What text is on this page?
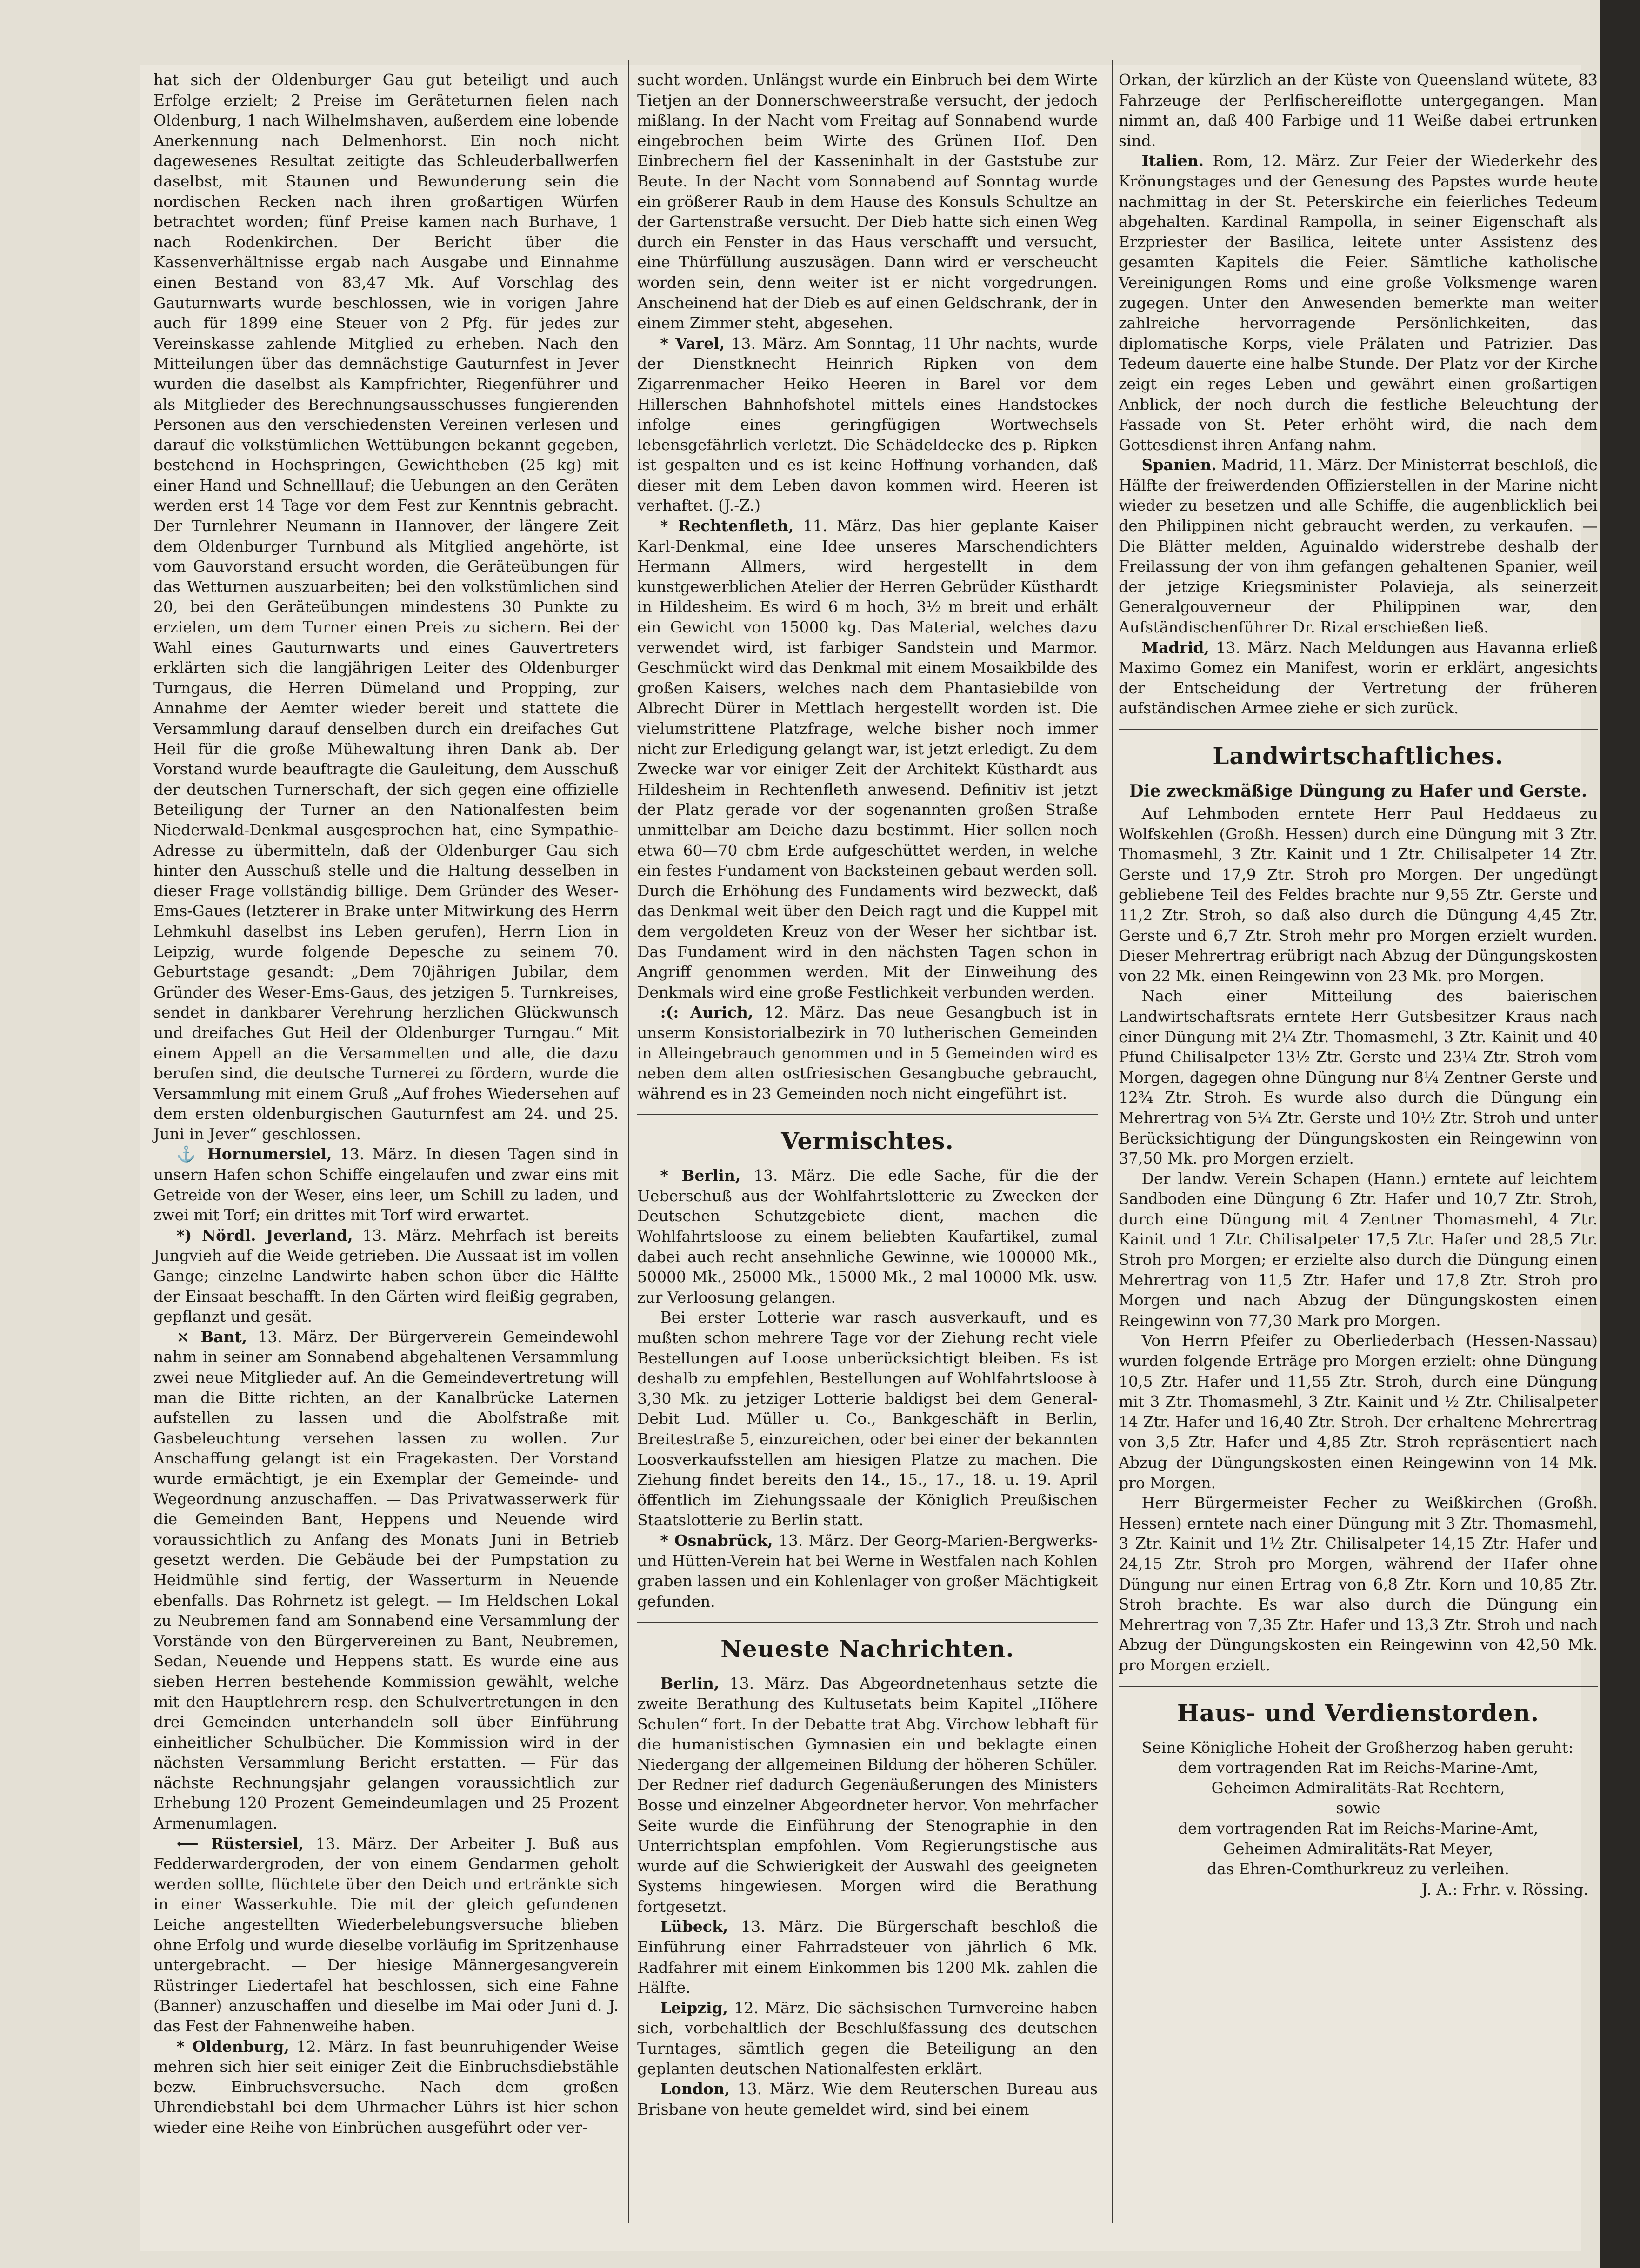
hat sich der Oldenburger Gau gut beteiligt und auch Erfolge erzielt; 2 Preise im Geräteturnen fielen nach Oldenburg, 1 nach Wilhelmshaven, außerdem eine lobende Anerkennung nach Delmenhorst. Ein noch nicht dagewesenes Resultat zeitigte das Schleuderballwerfen daselbst, mit Staunen und Bewunderung sein die nordischen Recken nach ihren großartigen Würfen betrachtet worden; fünf Preise kamen nach Burhave, 1 nach Rodenkirchen. Der Bericht über die Kassenverhältnisse ergab nach Ausgabe und Einnahme einen Bestand von 83,47 Mk. Auf Vorschlag des Gauturnwarts wurde beschlossen, wie in vorigen Jahre auch für 1899 eine Steuer von 2 Pfg. für jedes zur Vereinskasse zahlende Mitglied zu erheben. Nach den Mitteilungen über das demnächstige Gauturnfest in Jever wurden die daselbst als Kampfrichter, Riegenführer und als Mitglieder des Berechnungsausschusses fungierenden Personen aus den verschiedensten Vereinen verlesen und darauf die volkstümlichen Wettübungen bekannt gegeben, bestehend in Hochspringen, Gewichtheben (25 kg) mit einer Hand und Schnelllauf; die Uebungen an den Geräten werden erst 14 Tage vor dem Fest zur Kenntnis gebracht. Der Turnlehrer Neumann in Hannover, der längere Zeit dem Oldenburger Turnbund als Mitglied angehörte, ist vom Gauvorstand ersucht worden, die Geräteübungen für das Wetturnen auszuarbeiten; bei den volkstümlichen sind 20, bei den Geräteübungen mindestens 30 Punkte zu erzielen, um dem Turner einen Preis zu sichern. Bei der Wahl eines Gauturnwarts und eines Gauvertreters erklärten sich die langjährigen Leiter des Oldenburger Turngaus, die Herren Dümeland und Propping, zur Annahme der Aemter wieder bereit und stattete die Versammlung darauf denselben durch ein dreifaches Gut Heil für die große Mühewaltung ihren Dank ab. Der Vorstand wurde beauftragte die Gauleitung, dem Ausschuß der deutschen Turnerschaft, der sich gegen eine offizielle Beteiligung der Turner an den Nationalfesten beim Niederwald-Denkmal ausgesprochen hat, eine Sympathie-Adresse zu übermitteln, daß der Oldenburger Gau sich hinter den Ausschuß stelle und die Haltung desselben in dieser Frage vollständig billige. Dem Gründer des Weser-Ems-Gaues (letzterer in Brake unter Mitwirkung des Herrn Lehmkuhl daselbst ins Leben gerufen), Herrn Lion in Leipzig, wurde folgende Depesche zu seinem 70. Geburtstage gesandt: „Dem 70jährigen Jubilar, dem Gründer des Weser-Ems-Gaus, des jetzigen 5. Turnkreises, sendet in dankbarer Verehrung herzlichen Glückwunsch und dreifaches Gut Heil der Oldenburger Turngau.“ Mit einem Appell an die Versammelten und alle, die dazu berufen sind, die deutsche Turnerei zu fördern, wurde die Versammlung mit einem Gruß „Auf frohes Wiedersehen auf dem ersten oldenburgischen Gauturnfest am 24. und 25. Juni in Jever“ geschlossen.

⚓ Hornumersiel, 13. März. In diesen Tagen sind in unsern Hafen schon Schiffe eingelaufen und zwar eins mit Getreide von der Weser, eins leer, um Schill zu laden, und zwei mit Torf; ein drittes mit Torf wird erwartet.

*) Nördl. Jeverland, 13. März. Mehrfach ist bereits Jungvieh auf die Weide getrieben. Die Aussaat ist im vollen Gange; einzelne Landwirte haben schon über die Hälfte der Einsaat beschafft. In den Gärten wird fleißig gegraben, gepflanzt und gesät.

⤬ Bant, 13. März. Der Bürgerverein Gemeindewohl nahm in seiner am Sonnabend abgehaltenen Versammlung zwei neue Mitglieder auf. An die Gemeindevertretung will man die Bitte richten, an der Kanalbrücke Laternen aufstellen zu lassen und die Abolfstraße mit Gasbeleuchtung versehen lassen zu wollen. Zur Anschaffung gelangt ist ein Fragekasten. Der Vorstand wurde ermächtigt, je ein Exemplar der Gemeinde- und Wegeordnung anzuschaffen. — Das Privatwasserwerk für die Gemeinden Bant, Heppens und Neuende wird voraussichtlich zu Anfang des Monats Juni in Betrieb gesetzt werden. Die Gebäude bei der Pumpstation zu Heidmühle sind fertig, der Wasserturm in Neuende ebenfalls. Das Rohrnetz ist gelegt. — Im Heldschen Lokal zu Neubremen fand am Sonnabend eine Versammlung der Vorstände von den Bürgervereinen zu Bant, Neubremen, Sedan, Neuende und Heppens statt. Es wurde eine aus sieben Herren bestehende Kommission gewählt, welche mit den Hauptlehrern resp. den Schulvertretungen in den drei Gemeinden unterhandeln soll über Einführung einheitlicher Schulbücher. Die Kommission wird in der nächsten Versammlung Bericht erstatten. — Für das nächste Rechnungsjahr gelangen voraussichtlich zur Erhebung 120 Prozent Gemeindeumlagen und 25 Prozent Armenumlagen.

⟵ Rüstersiel, 13. März. Der Arbeiter J. Buß aus Fedderwardergroden, der von einem Gendarmen geholt werden sollte, flüchtete über den Deich und ertränkte sich in einer Wasserkuhle. Die mit der gleich gefundenen Leiche angestellten Wiederbelebungsversuche blieben ohne Erfolg und wurde dieselbe vorläufig im Spritzenhause untergebracht. — Der hiesige Männergesangverein Rüstringer Liedertafel hat beschlossen, sich eine Fahne (Banner) anzuschaffen und dieselbe im Mai oder Juni d. J. das Fest der Fahnenweihe haben.

* Oldenburg, 12. März. In fast beunruhigender Weise mehren sich hier seit einiger Zeit die Einbruchsdiebstähle bezw. Einbruchsversuche. Nach dem großen Uhrendiebstahl bei dem Uhrmacher Lührs ist hier schon wieder eine Reihe von Einbrüchen ausgeführt oder ver-

sucht worden. Unlängst wurde ein Einbruch bei dem Wirte Tietjen an der Donnerschweerstraße versucht, der jedoch mißlang. In der Nacht vom Freitag auf Sonnabend wurde eingebrochen beim Wirte des Grünen Hof. Den Einbrechern fiel der Kasseninhalt in der Gaststube zur Beute. In der Nacht vom Sonnabend auf Sonntag wurde ein größerer Raub in dem Hause des Konsuls Schultze an der Gartenstraße versucht. Der Dieb hatte sich einen Weg durch ein Fenster in das Haus verschafft und versucht, eine Thürfüllung auszusägen. Dann wird er verscheucht worden sein, denn weiter ist er nicht vorgedrungen. Anscheinend hat der Dieb es auf einen Geldschrank, der in einem Zimmer steht, abgesehen.

* Varel, 13. März. Am Sonntag, 11 Uhr nachts, wurde der Dienstknecht Heinrich Ripken von dem Zigarrenmacher Heiko Heeren in Barel vor dem Hillerschen Bahnhofshotel mittels eines Handstockes infolge eines geringfügigen Wortwechsels lebensgefährlich verletzt. Die Schädeldecke des p. Ripken ist gespalten und es ist keine Hoffnung vorhanden, daß dieser mit dem Leben davon kommen wird. Heeren ist verhaftet. (J.-Z.)

* Rechtenfleth, 11. März. Das hier geplante Kaiser Karl-Denkmal, eine Idee unseres Marschendichters Hermann Allmers, wird hergestellt in dem kunstgewerblichen Atelier der Herren Gebrüder Küsthardt in Hildesheim. Es wird 6 m hoch, 3½ m breit und erhält ein Gewicht von 15000 kg. Das Material, welches dazu verwendet wird, ist farbiger Sandstein und Marmor. Geschmückt wird das Denkmal mit einem Mosaikbilde des großen Kaisers, welches nach dem Phantasiebilde von Albrecht Dürer in Mettlach hergestellt worden ist. Die vielumstrittene Platzfrage, welche bisher noch immer nicht zur Erledigung gelangt war, ist jetzt erledigt. Zu dem Zwecke war vor einiger Zeit der Architekt Küsthardt aus Hildesheim in Rechtenfleth anwesend. Definitiv ist jetzt der Platz gerade vor der sogenannten großen Straße unmittelbar am Deiche dazu bestimmt. Hier sollen noch etwa 60—70 cbm Erde aufgeschüttet werden, in welche ein festes Fundament von Backsteinen gebaut werden soll. Durch die Erhöhung des Fundaments wird bezweckt, daß das Denkmal weit über den Deich ragt und die Kuppel mit dem vergoldeten Kreuz von der Weser her sichtbar ist. Das Fundament wird in den nächsten Tagen schon in Angriff genommen werden. Mit der Einweihung des Denkmals wird eine große Festlichkeit verbunden werden.

:(: Aurich, 12. März. Das neue Gesangbuch ist in unserm Konsistorialbezirk in 70 lutherischen Gemeinden in Alleingebrauch genommen und in 5 Gemeinden wird es neben dem alten ostfriesischen Gesangbuche gebraucht, während es in 23 Gemeinden noch nicht eingeführt ist.

Vermischtes.

* Berlin, 13. März. Die edle Sache, für die der Ueberschuß aus der Wohlfahrtslotterie zu Zwecken der Deutschen Schutzgebiete dient, machen die Wohlfahrtsloose zu einem beliebten Kaufartikel, zumal dabei auch recht ansehnliche Gewinne, wie 100000 Mk., 50000 Mk., 25000 Mk., 15000 Mk., 2 mal 10000 Mk. usw. zur Verloosung gelangen.

Bei erster Lotterie war rasch ausverkauft, und es mußten schon mehrere Tage vor der Ziehung recht viele Bestellungen auf Loose unberücksichtigt bleiben. Es ist deshalb zu empfehlen, Bestellungen auf Wohlfahrtsloose à 3,30 Mk. zu jetziger Lotterie baldigst bei dem General-Debit Lud. Müller u. Co., Bankgeschäft in Berlin, Breitestraße 5, einzureichen, oder bei einer der bekannten Loosverkaufsstellen am hiesigen Platze zu machen. Die Ziehung findet bereits den 14., 15., 17., 18. u. 19. April öffentlich im Ziehungssaale der Königlich Preußischen Staatslotterie zu Berlin statt.

* Osnabrück, 13. März. Der Georg-Marien-Bergwerks- und Hütten-Verein hat bei Werne in Westfalen nach Kohlen graben lassen und ein Kohlenlager von großer Mächtigkeit gefunden.

Neueste Nachrichten.

Berlin, 13. März. Das Abgeordnetenhaus setzte die zweite Berathung des Kultusetats beim Kapitel „Höhere Schulen“ fort. In der Debatte trat Abg. Virchow lebhaft für die humanistischen Gymnasien ein und beklagte einen Niedergang der allgemeinen Bildung der höheren Schüler. Der Redner rief dadurch Gegenäußerungen des Ministers Bosse und einzelner Abgeordneter hervor. Von mehrfacher Seite wurde die Einführung der Stenographie in den Unterrichtsplan empfohlen. Vom Regierungstische aus wurde auf die Schwierigkeit der Auswahl des geeigneten Systems hingewiesen. Morgen wird die Berathung fortgesetzt.

Lübeck, 13. März. Die Bürgerschaft beschloß die Einführung einer Fahrradsteuer von jährlich 6 Mk. Radfahrer mit einem Einkommen bis 1200 Mk. zahlen die Hälfte.

Leipzig, 12. März. Die sächsischen Turnvereine haben sich, vorbehaltlich der Beschlußfassung des deutschen Turntages, sämtlich gegen die Beteiligung an den geplanten deutschen Nationalfesten erklärt.

London, 13. März. Wie dem Reuterschen Bureau aus Brisbane von heute gemeldet wird, sind bei einem

Orkan, der kürzlich an der Küste von Queensland wütete, 83 Fahrzeuge der Perlfischereiflotte untergegangen. Man nimmt an, daß 400 Farbige und 11 Weiße dabei ertrunken sind.

Italien. Rom, 12. März. Zur Feier der Wiederkehr des Krönungstages und der Genesung des Papstes wurde heute nachmittag in der St. Peterskirche ein feierliches Tedeum abgehalten. Kardinal Rampolla, in seiner Eigenschaft als Erzpriester der Basilica, leitete unter Assistenz des gesamten Kapitels die Feier. Sämtliche katholische Vereinigungen Roms und eine große Volksmenge waren zugegen. Unter den Anwesenden bemerkte man weiter zahlreiche hervorragende Persönlichkeiten, das diplomatische Korps, viele Prälaten und Patrizier. Das Tedeum dauerte eine halbe Stunde. Der Platz vor der Kirche zeigt ein reges Leben und gewährt einen großartigen Anblick, der noch durch die festliche Beleuchtung der Fassade von St. Peter erhöht wird, die nach dem Gottesdienst ihren Anfang nahm.

Spanien. Madrid, 11. März. Der Ministerrat beschloß, die Hälfte der freiwerdenden Offizierstellen in der Marine nicht wieder zu besetzen und alle Schiffe, die augenblicklich bei den Philippinen nicht gebraucht werden, zu verkaufen. — Die Blätter melden, Aguinaldo widerstrebe deshalb der Freilassung der von ihm gefangen gehaltenen Spanier, weil der jetzige Kriegsminister Polavieja, als seinerzeit Generalgouverneur der Philippinen war, den Aufständischenführer Dr. Rizal erschießen ließ.

Madrid, 13. März. Nach Meldungen aus Havanna erließ Maximo Gomez ein Manifest, worin er erklärt, angesichts der Entscheidung der Vertretung der früheren aufständischen Armee ziehe er sich zurück.

Landwirtschaftliches.
Die zweckmäßige Düngung zu Hafer und Gerste.

Auf Lehmboden erntete Herr Paul Heddaeus zu Wolfskehlen (Großh. Hessen) durch eine Düngung mit 3 Ztr. Thomasmehl, 3 Ztr. Kainit und 1 Ztr. Chilisalpeter 14 Ztr. Gerste und 17,9 Ztr. Stroh pro Morgen. Der ungedüngt gebliebene Teil des Feldes brachte nur 9,55 Ztr. Gerste und 11,2 Ztr. Stroh, so daß also durch die Düngung 4,45 Ztr. Gerste und 6,7 Ztr. Stroh mehr pro Morgen erzielt wurden. Dieser Mehrertrag erübrigt nach Abzug der Düngungskosten von 22 Mk. einen Reingewinn von 23 Mk. pro Morgen.

Nach einer Mitteilung des baierischen Landwirtschaftsrats erntete Herr Gutsbesitzer Kraus nach einer Düngung mit 2¼ Ztr. Thomasmehl, 3 Ztr. Kainit und 40 Pfund Chilisalpeter 13½ Ztr. Gerste und 23¼ Ztr. Stroh vom Morgen, dagegen ohne Düngung nur 8¼ Zentner Gerste und 12¾ Ztr. Stroh. Es wurde also durch die Düngung ein Mehrertrag von 5¼ Ztr. Gerste und 10½ Ztr. Stroh und unter Berücksichtigung der Düngungskosten ein Reingewinn von 37,50 Mk. pro Morgen erzielt.

Der landw. Verein Schapen (Hann.) erntete auf leichtem Sandboden eine Düngung 6 Ztr. Hafer und 10,7 Ztr. Stroh, durch eine Düngung mit 4 Zentner Thomasmehl, 4 Ztr. Kainit und 1 Ztr. Chilisalpeter 17,5 Ztr. Hafer und 28,5 Ztr. Stroh pro Morgen; er erzielte also durch die Düngung einen Mehrertrag von 11,5 Ztr. Hafer und 17,8 Ztr. Stroh pro Morgen und nach Abzug der Düngungskosten einen Reingewinn von 77,30 Mark pro Morgen.

Von Herrn Pfeifer zu Oberliederbach (Hessen-Nassau) wurden folgende Erträge pro Morgen erzielt: ohne Düngung 10,5 Ztr. Hafer und 11,55 Ztr. Stroh, durch eine Düngung mit 3 Ztr. Thomasmehl, 3 Ztr. Kainit und ½ Ztr. Chilisalpeter 14 Ztr. Hafer und 16,40 Ztr. Stroh. Der erhaltene Mehrertrag von 3,5 Ztr. Hafer und 4,85 Ztr. Stroh repräsentiert nach Abzug der Düngungskosten einen Reingewinn von 14 Mk. pro Morgen.

Herr Bürgermeister Fecher zu Weißkirchen (Großh. Hessen) erntete nach einer Düngung mit 3 Ztr. Thomasmehl, 3 Ztr. Kainit und 1½ Ztr. Chilisalpeter 14,15 Ztr. Hafer und 24,15 Ztr. Stroh pro Morgen, während der Hafer ohne Düngung nur einen Ertrag von 6,8 Ztr. Korn und 10,85 Ztr. Stroh brachte. Es war also durch die Düngung ein Mehrertrag von 7,35 Ztr. Hafer und 13,3 Ztr. Stroh und nach Abzug der Düngungskosten ein Reingewinn von 42,50 Mk. pro Morgen erzielt.

Haus- und Verdienstorden.

Seine Königliche Hoheit der Großherzog haben geruht:

dem vortragenden Rat im Reichs-Marine-Amt,

Geheimen Admiralitäts-Rat Rechtern,

sowie

dem vortragenden Rat im Reichs-Marine-Amt,

Geheimen Admiralitäts-Rat Meyer,

das Ehren-Comthurkreuz zu verleihen.

J. A.: Frhr. v. Rössing.
